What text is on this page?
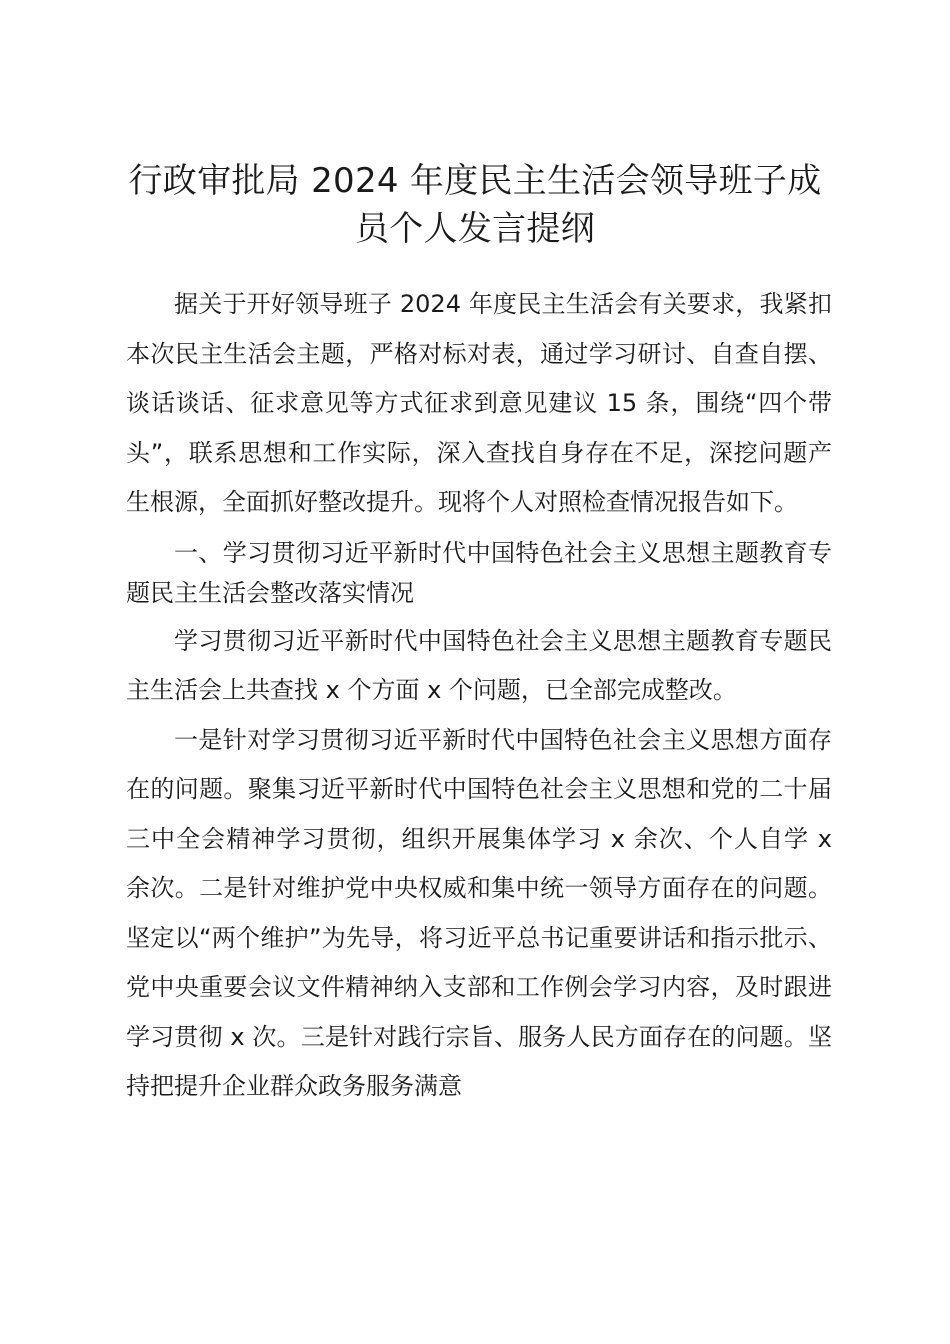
行政审批局 2024 年度民主生活会领导班子成员个人发言提纲

据关于开好领导班子 2024 年度民主生活会有关要求，我紧扣本次民主生活会主题，严格对标对表，通过学习研讨、自查自摆、谈话谈话、征求意见等方式征求到意见建议 15 条，围绕“四个带头”，联系思想和工作实际，深入查找自身存在不足，深挖问题产生根源，全面抓好整改提升。现将个人对照检查情况报告如下。

一、学习贯彻习近平新时代中国特色社会主义思想主题教育专题民主生活会整改落实情况

学习贯彻习近平新时代中国特色社会主义思想主题教育专题民主生活会上共查找 x 个方面 x 个问题，已全部完成整改。

一是针对学习贯彻习近平新时代中国特色社会主义思想方面存在的问题。聚集习近平新时代中国特色社会主义思想和党的二十届三中全会精神学习贯彻，组织开展集体学习 x 余次、个人自学 x 余次。二是针对维护党中央权威和集中统一领导方面存在的问题。坚定以“两个维护”为先导，将习近平总书记重要讲话和指示批示、党中央重要会议文件精神纳入支部和工作例会学习内容，及时跟进学习贯彻 x 次。三是针对践行宗旨、服务人民方面存在的问题。坚持把提升企业群众政务服务满意
